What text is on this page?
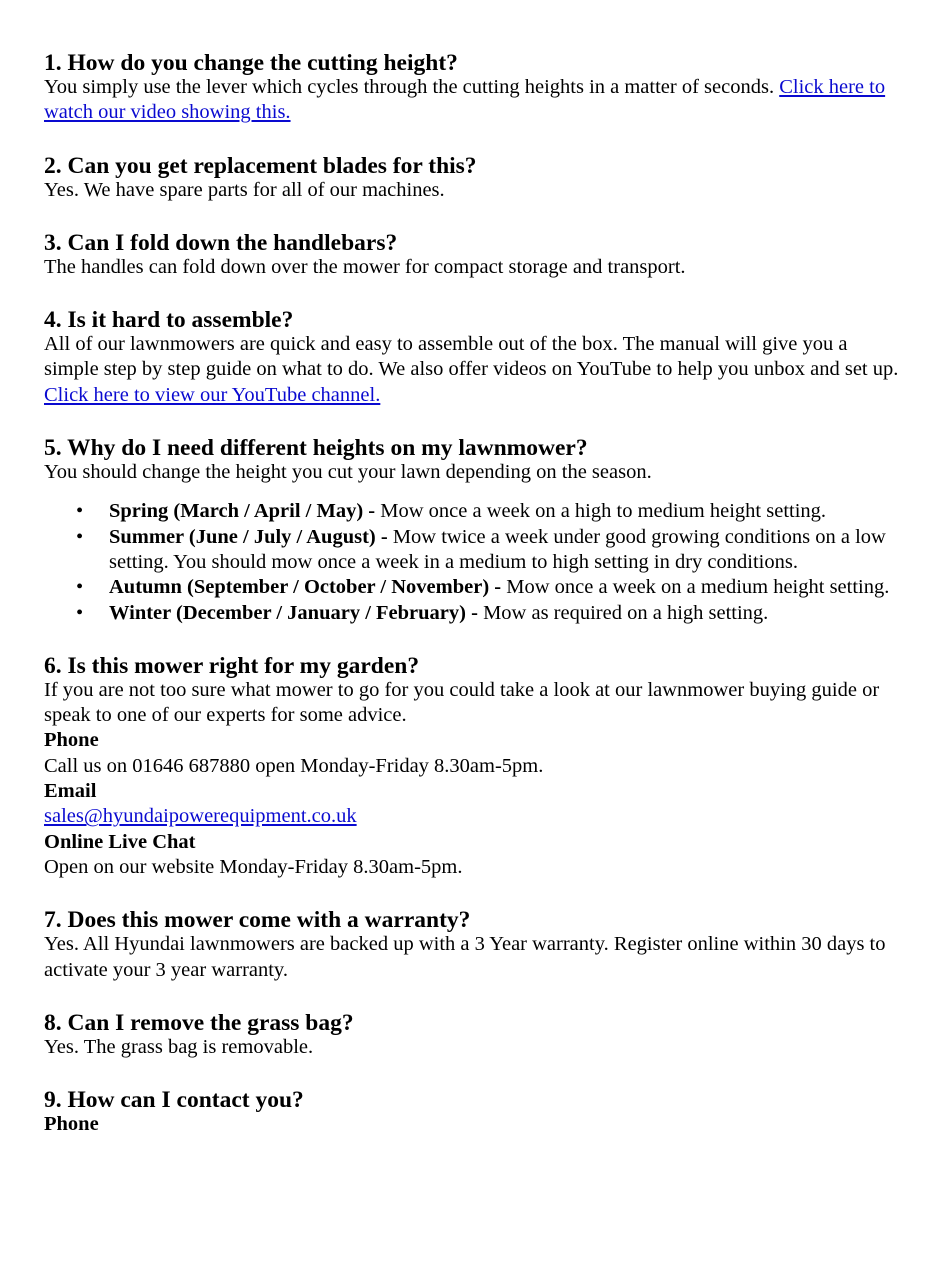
1. How do you change the cutting height?

You simply use the lever which cycles through the cutting heights in a matter of seconds. Click here to watch our video showing this.

2. Can you get replacement blades for this?

Yes. We have spare parts for all of our machines.

3. Can I fold down the handlebars?

The handles can fold down over the mower for compact storage and transport.

4. Is it hard to assemble?

All of our lawnmowers are quick and easy to assemble out of the box. The manual will give you a simple step by step guide on what to do. We also offer videos on YouTube to help you unbox and set up. Click here to view our YouTube channel.

5. Why do I need different heights on my lawnmower?

You should change the height you cut your lawn depending on the season.

• Spring (March / April / May) - Mow once a week on a high to medium height setting.
• Summer (June / July / August) - Mow twice a week under good growing conditions on a low setting. You should mow once a week in a medium to high setting in dry conditions.
• Autumn (September / October / November) - Mow once a week on a medium height setting.
• Winter (December / January / February) - Mow as required on a high setting.
6. Is this mower right for my garden?

If you are not too sure what mower to go for you could take a look at our lawnmower buying guide or speak to one of our experts for some advice.

Phone
Call us on 01646 687880 open Monday-Friday 8.30am-5pm.
Email
sales@hyundaipowerequipment.co.uk
Online Live Chat
Open on our website Monday-Friday 8.30am-5pm.
7. Does this mower come with a warranty?

Yes. All Hyundai lawnmowers are backed up with a 3 Year warranty. Register online within 30 days to activate your 3 year warranty.

8. Can I remove the grass bag?

Yes. The grass bag is removable.

9. How can I contact you?
Phone
